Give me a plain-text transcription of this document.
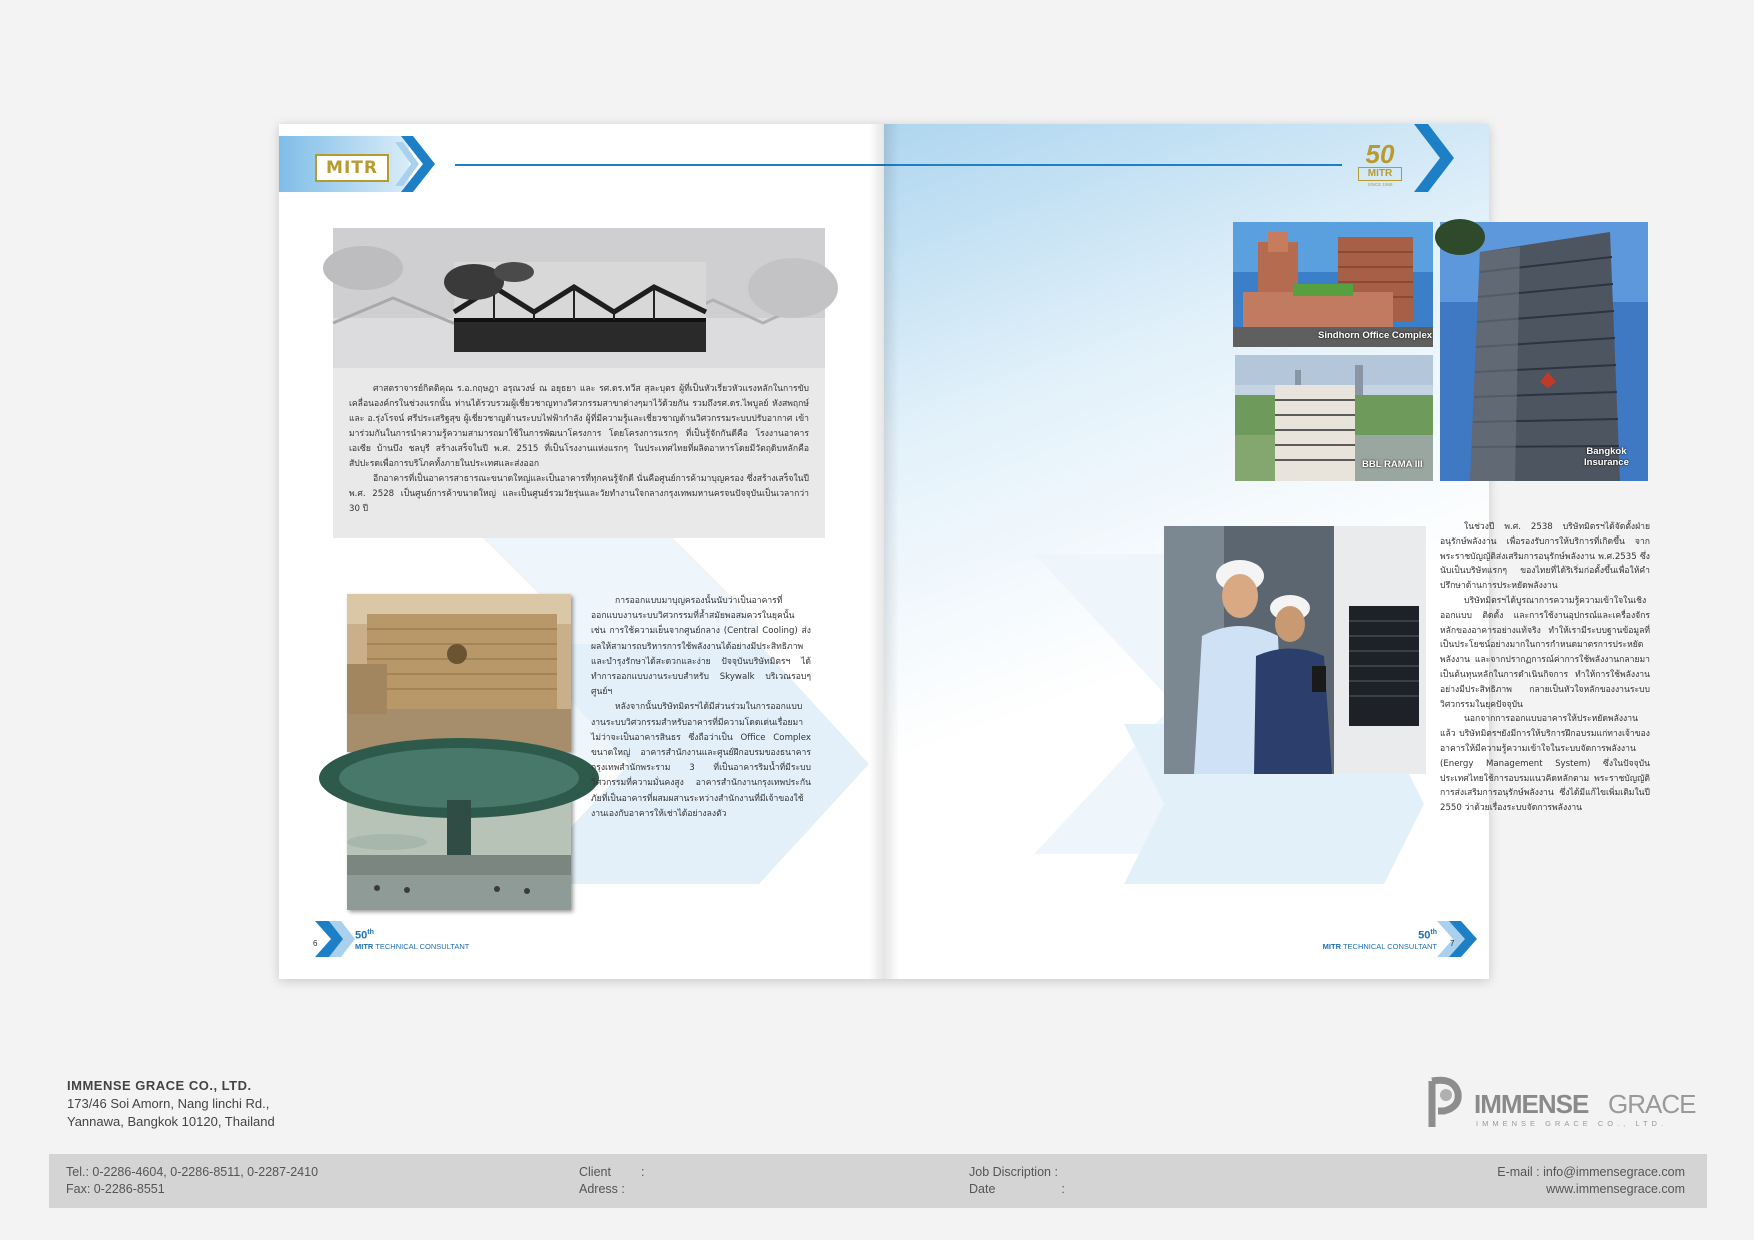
MITR

ศาสตราจารย์กิตติคุณ ร.อ.กฤษฎา อรุณวงษ์ ณ อยุธยา และ รศ.ดร.ทวีส สุละบุตร ผู้ที่เป็นหัวเรี่ยวหัวแรงหลักในการขับเคลื่อนองค์กรในช่วงแรกนั้น ท่านได้รวบรวมผู้เชี่ยวชาญทางวิศวกรรมสาขาต่างๆมาไว้ด้วยกัน รวมถึงรศ.ดร.ไพบูลย์ หังสพฤกษ์ และ อ.รุ่งโรจน์ ศรีประเสริฐสุข ผู้เชี่ยวชาญด้านระบบไฟฟ้ากำลัง ผู้ที่มีความรู้และเชี่ยวชาญด้านวิศวกรรมระบบปรับอากาศ เข้ามาร่วมกันในการนำความรู้ความสามารถมาใช้ในการพัฒนาโครงการ โดยโครงการแรกๆ ที่เป็นรู้จักกันดีคือ โรงงานอาคารเอเซีย บ้านบึง ชลบุรี สร้างเสร็จในปี พ.ศ. 2515 ที่เป็นโรงงานแห่งแรกๆ ในประเทศไทยที่ผลิตอาหารโดยมีวัตถุดิบหลักคือ สัปปะรดเพื่อการบริโภคทั้งภายในประเทศและส่งออก

อีกอาคารที่เป็นอาคารสาธารณะขนาดใหญ่และเป็นอาคารที่ทุกคนรู้จักดี นั่นคือศูนย์การค้ามาบุญครอง ซึ่งสร้างเสร็จในปี พ.ศ. 2528 เป็นศูนย์การค้าขนาดใหญ่ และเป็นศูนย์รวมวัยรุ่นและวัยทำงานใจกลางกรุงเทพมหานครจนปัจจุบันเป็นเวลากว่า 30 ปี

การออกแบบมาบุญครองนั้นนับว่าเป็นอาคารที่ออกแบบงานระบบวิศวกรรมที่ล้ำสมัยพอสมควรในยุคนั้น เช่น การใช้ความเย็นจากศูนย์กลาง (Central Cooling) ส่งผลให้สามารถบริหารการใช้พลังงานได้อย่างมีประสิทธิภาพ และบำรุงรักษาได้สะดวกและง่าย ปัจจุบันบริษัทมิตรฯ ได้ทำการออกแบบงานระบบสำหรับ Skywalk บริเวณรอบๆ ศูนย์ฯ

หลังจากนั้นบริษัทมิตรฯได้มีส่วนร่วมในการออกแบบงานระบบวิศวกรรมสำหรับอาคารที่มีความโดดเด่นเรื่อยมา ไม่ว่าจะเป็นอาคารสินธร ซึ่งถือว่าเป็น Office Complex ขนาดใหญ่ อาคารสำนักงานและศูนย์ฝึกอบรมของธนาคารกรุงเทพสำนักพระราม 3 ที่เป็นอาคารริมน้ำที่มีระบบวิศวกรรมที่ความมั่นคงสูง อาคารสำนักงานกรุงเทพประกันภัยที่เป็นอาคารที่ผสมผสานระหว่างสำนักงานที่มีเจ้าของใช้งานเองกับอาคารให้เช่าได้อย่างลงตัว

6
50th
MITR TECHNICAL CONSULTANT
50
MITR
SINCE 1968
Sindhorn Office Complex
BBL RAMA III
Bangkok
Insurance

ในช่วงปี พ.ศ. 2538 บริษัทมิตรฯได้จัดตั้งฝ่ายอนุรักษ์พลังงาน เพื่อรองรับการให้บริการที่เกิดขึ้น จากพระราชบัญญัติส่งเสริมการอนุรักษ์พลังงาน พ.ศ.2535 ซึ่งนับเป็นบริษัทแรกๆ ของไทยที่ได้ริเริ่มก่อตั้งขึ้นเพื่อให้คำปรึกษาด้านการประหยัดพลังงาน

บริษัทมิตรฯได้บูรณาการความรู้ความเข้าใจในเชิงออกแบบ ติดตั้ง และการใช้งานอุปกรณ์และเครื่องจักรหลักของอาคารอย่างแท้จริง ทำให้เรามีระบบฐานข้อมูลที่เป็นประโยชน์อย่างมากในการกำหนดมาตรการประหยัดพลังงาน และจากปรากฏการณ์ค่าการใช้พลังงานกลายมาเป็นต้นทุนหลักในการดำเนินกิจการ ทำให้การใช้พลังงานอย่างมีประสิทธิภาพ กลายเป็นหัวใจหลักของงานระบบวิศวกรรมในยุคปัจจุบัน

นอกจากการออกแบบอาคารให้ประหยัดพลังงานแล้ว บริษัทมิตรฯยังมีการให้บริการฝึกอบรมแก่ทางเจ้าของอาคารให้มีความรู้ความเข้าใจในระบบจัดการพลังงาน (Energy Management System) ซึ่งในปัจจุบันประเทศไทยใช้การอบรมแนวคิดหลักตาม พระราชบัญญัติการส่งเสริมการอนุรักษ์พลังงาน ซึ่งได้มีแก้ไขเพิ่มเติมในปี 2550 ว่าด้วยเรื่องระบบจัดการพลังงาน

50th
MITR TECHNICAL CONSULTANT 7
IMMENSE GRACE CO., LTD.
173/46 Soi Amorn, Nang linchi Rd.,
Yannawa, Bangkok 10120, Thailand
IMMENSE GRACE
IMMENSE GRACE CO., LTD.
Tel.: 0-2286-4604, 0-2286-8511, 0-2287-2410
Fax: 0-2286-8551
Client :
Adress :
Job Discription :
Date	:
E-mail : info@immensegrace.com
www.immensegrace.com
